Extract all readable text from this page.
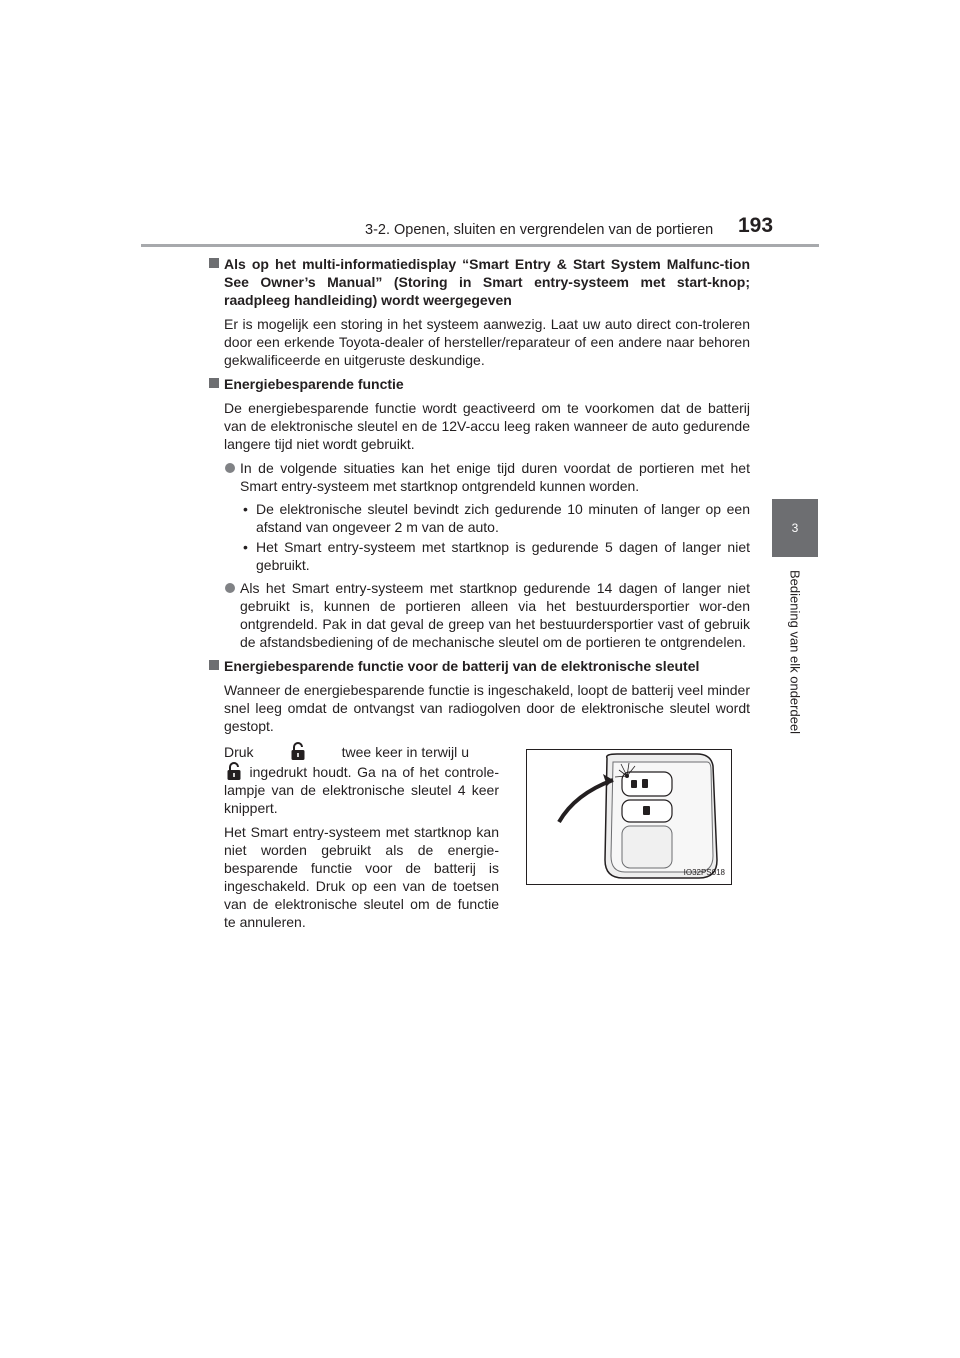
3-2. Openen, sluiten en vergrendelen van de portieren 193
3
Bediening van elk onderdeel
Als op het multi-informatiedisplay “Smart Entry & Start System Malfunc-tion See Owner’s Manual” (Storing in Smart entry-systeem met start-knop; raadpleeg handleiding) wordt weergegeven
Er is mogelijk een storing in het systeem aanwezig. Laat uw auto direct con-troleren door een erkende Toyota-dealer of hersteller/reparateur of een andere naar behoren gekwalificeerde en uitgeruste deskundige.
Energiebesparende functie
De energiebesparende functie wordt geactiveerd om te voorkomen dat de batterij van de elektronische sleutel en de 12V-accu leeg raken wanneer de auto gedurende langere tijd niet wordt gebruikt.
In de volgende situaties kan het enige tijd duren voordat de portieren met het Smart entry-systeem met startknop ontgrendeld kunnen worden.
• De elektronische sleutel bevindt zich gedurende 10 minuten of langer op een afstand van ongeveer 2 m van de auto.
• Het Smart entry-systeem met startknop is gedurende 5 dagen of langer niet gebruikt.
Als het Smart entry-systeem met startknop gedurende 14 dagen of langer niet gebruikt is, kunnen de portieren alleen via het bestuurdersportier wor-den ontgrendeld. Pak in dat geval de greep van het bestuurdersportier vast of gebruik de afstandsbediening of de mechanische sleutel om de portieren te ontgrendelen.
Energiebesparende functie voor de batterij van de elektronische sleutel
Wanneer de energiebesparende functie is ingeschakeld, loopt de batterij veel minder snel leeg omdat de ontvangst van radiogolven door de elektronische sleutel wordt gestopt.

Druk	twee keer in terwijl u  ingedrukt houdt. Ga na of het controle-lampje van de elektronische sleutel 4 keer knippert.

Het Smart entry-systeem met startknop kan niet worden gebruikt als de energie-besparende functie voor de batterij is ingeschakeld. Druk op een van de toetsen van de elektronische sleutel om de functie te annuleren.

IO32PS018
